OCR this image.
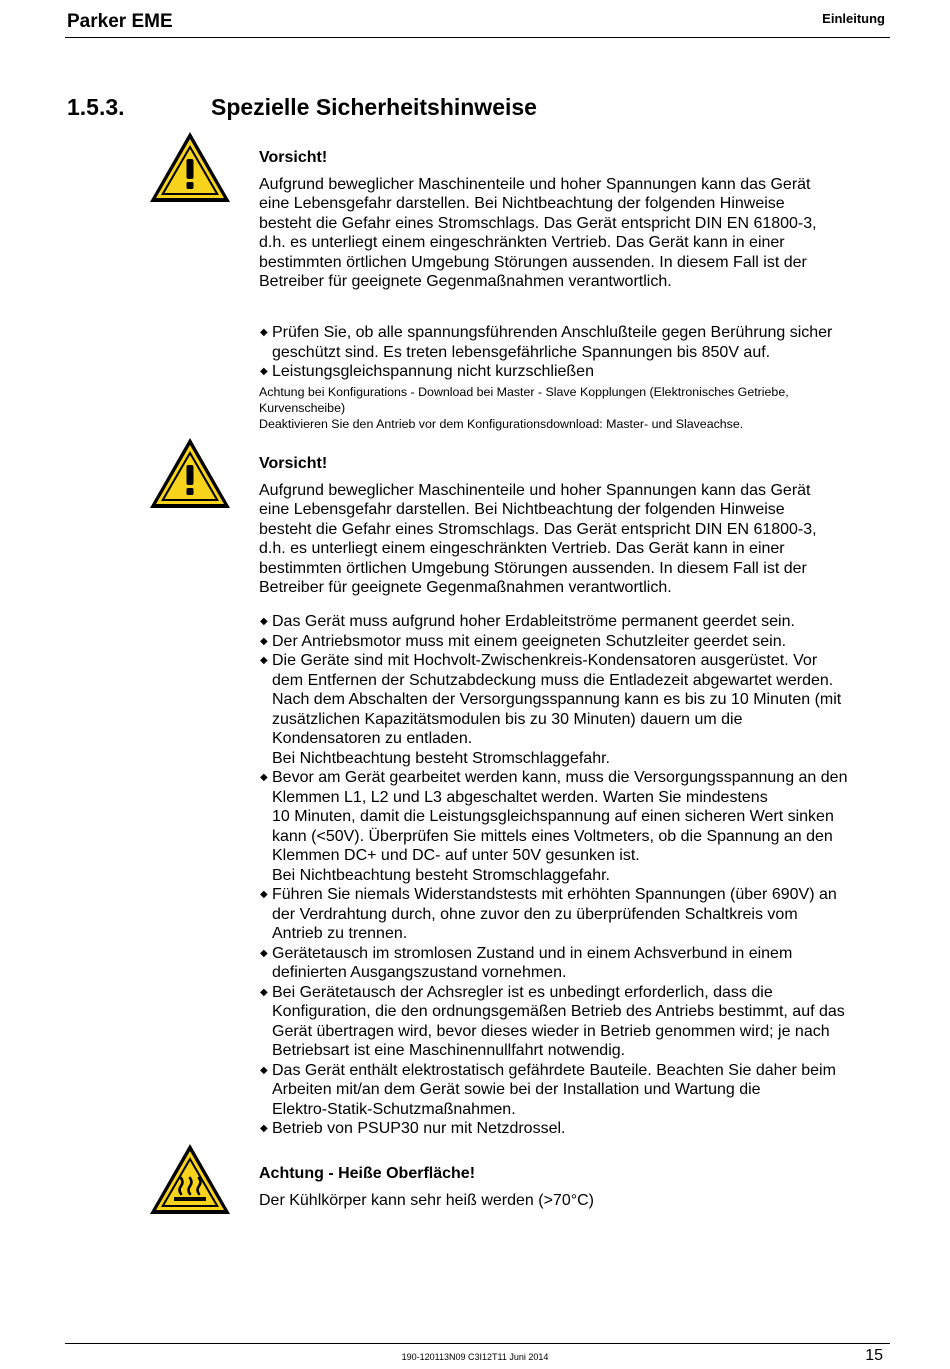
Parker EME	Einleitung
1.5.3.	Spezielle Sicherheitshinweise

Vorsicht!

Aufgrund beweglicher Maschinenteile und hoher Spannungen kann das Gerät
eine Lebensgefahr darstellen. Bei Nichtbeachtung der folgenden Hinweise
besteht die Gefahr eines Stromschlags. Das Gerät entspricht DIN EN 61800-3,
d.h. es unterliegt einem eingeschränkten Vertrieb. Das Gerät kann in einer
bestimmten örtlichen Umgebung Störungen aussenden. In diesem Fall ist der
Betreiber für geeignete Gegenmaßnahmen verantwortlich.

◆ Prüfen Sie, ob alle spannungsführenden Anschlußteile gegen Berührung sicher
geschützt sind. Es treten lebensgefährliche Spannungen bis 850V auf.
◆ Leistungsgleichspannung nicht kurzschließen
Achtung bei Konfigurations - Download bei Master - Slave Kopplungen (Elektronisches Getriebe,
Kurvenscheibe)
Deaktivieren Sie den Antrieb vor dem Konfigurationsdownload: Master- und Slaveachse.

Vorsicht!

Aufgrund beweglicher Maschinenteile und hoher Spannungen kann das Gerät
eine Lebensgefahr darstellen. Bei Nichtbeachtung der folgenden Hinweise
besteht die Gefahr eines Stromschlags. Das Gerät entspricht DIN EN 61800-3,
d.h. es unterliegt einem eingeschränkten Vertrieb. Das Gerät kann in einer
bestimmten örtlichen Umgebung Störungen aussenden. In diesem Fall ist der
Betreiber für geeignete Gegenmaßnahmen verantwortlich.

◆ Das Gerät muss aufgrund hoher Erdableitströme permanent geerdet sein.
◆ Der Antriebsmotor muss mit einem geeigneten Schutzleiter geerdet sein.
◆ Die Geräte sind mit Hochvolt-Zwischenkreis-Kondensatoren ausgerüstet. Vor
dem Entfernen der Schutzabdeckung muss die Entladezeit abgewartet werden.
Nach dem Abschalten der Versorgungsspannung kann es bis zu 10 Minuten (mit
zusätzlichen Kapazitätsmodulen bis zu 30 Minuten) dauern um die
Kondensatoren zu entladen.
Bei Nichtbeachtung besteht Stromschlaggefahr.
◆ Bevor am Gerät gearbeitet werden kann, muss die Versorgungsspannung an den
Klemmen L1, L2 und L3 abgeschaltet werden. Warten Sie mindestens
10 Minuten, damit die Leistungsgleichspannung auf einen sicheren Wert sinken
kann (<50V). Überprüfen Sie mittels eines Voltmeters, ob die Spannung an den
Klemmen DC+ und DC- auf unter 50V gesunken ist.
Bei Nichtbeachtung besteht Stromschlaggefahr.
◆ Führen Sie niemals Widerstandstests mit erhöhten Spannungen (über 690V) an
der Verdrahtung durch, ohne zuvor den zu überprüfenden Schaltkreis vom
Antrieb zu trennen.
◆ Gerätetausch im stromlosen Zustand und in einem Achsverbund in einem
definierten Ausgangszustand vornehmen.
◆ Bei Gerätetausch der Achsregler ist es unbedingt erforderlich, dass die
Konfiguration, die den ordnungsgemäßen Betrieb des Antriebs bestimmt, auf das
Gerät übertragen wird, bevor dieses wieder in Betrieb genommen wird; je nach
Betriebsart ist eine Maschinennullfahrt notwendig.
◆ Das Gerät enthält elektrostatisch gefährdete Bauteile. Beachten Sie daher beim
Arbeiten mit/an dem Gerät sowie bei der Installation und Wartung die
Elektro-Statik-Schutzmaßnahmen.
◆ Betrieb von PSUP30 nur mit Netzdrossel.

Achtung - Heiße Oberfläche!

Der Kühlkörper kann sehr heiß werden (>70°C)

190-120113N09 C3I12T11 Juni 2014	15
